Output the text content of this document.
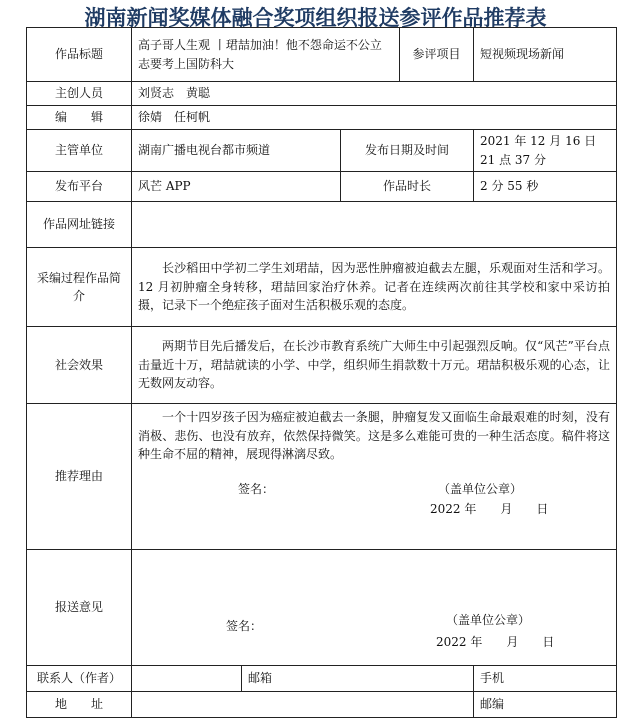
湖南新闻奖媒体融合奖项组织报送参评作品推荐表
作品标题	高子哥人生观 丨珺喆加油！他不怨命运不公立志要考上国防科大			参评项目	短视频现场新闻
主创人员	刘贤志　黄聪				
编　　辑	徐婧　任柯帆				
主管单位	湖南广播电视台都市频道		发布日期及时间		2021 年 12 月 16 日 21 点 37 分
发布平台	风芒 APP		作品时长		2 分 55 秒
作品网址链接					
采编过程作品简介	长沙稻田中学初二学生刘珺喆，因为恶性肿瘤被迫截去左腿，乐观面对生活和学习。12 月初肿瘤全身转移，珺喆回家治疗休养。记者在连续两次前往其学校和家中采访拍摄，记录下一个绝症孩子面对生活积极乐观的态度。				

社会效果	两期节目先后播发后，在长沙市教育系统广大师生中引起强烈反响。仅“风芒”平台点击量近十万，珺喆就读的小学、中学，组织师生捐款数十万元。珺喆积极乐观的心态，让无数网友动容。				

推荐理由	一个十四岁孩子因为癌症被迫截去一条腿，肿瘤复发又面临生命最艰难的时刻，没有消极、悲伤、也没有放弃，依然保持微笑。这是多么难能可贵的一种生活态度。稿件将这种生命不屈的精神，展现得淋漓尽致。

签名： （盖单位公章）
2022 年　　月　　日				

报送意见	签名： （盖单位公章）
2022 年　　月　　日				

联系人（作者）		邮箱			手机
地　　址					邮编
